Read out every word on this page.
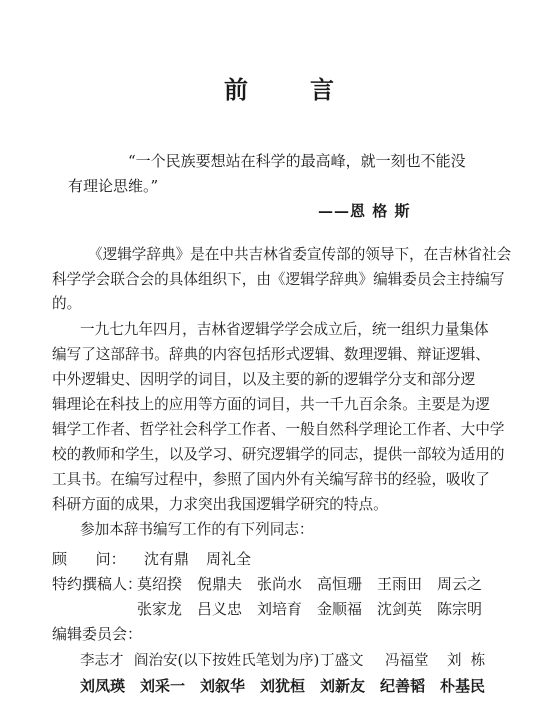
前	言
“一个民族要想站在科学的最高峰，就一刻也不能没
有理论思维。”
——恩 格 斯
《逻辑学辞典》是在中共吉林省委宣传部的领导下，在吉林省社会
科学学会联合会的具体组织下，由《逻辑学辞典》编辑委员会主持编写
的。
一九七九年四月，吉林省逻辑学学会成立后，统一组织力量集体
编写了这部辞书。辞典的内容包括形式逻辑、数理逻辑、辩证逻辑、
中外逻辑史、因明学的词目，以及主要的新的逻辑学分支和部分逻
辑理论在科技上的应用等方面的词目，共一千九百余条。主要是为逻
辑学工作者、哲学社会科学工作者、一般自然科学理论工作者、大中学
校的教师和学生，以及学习、研究逻辑学的同志，提供一部较为适用的
工具书。在编写过程中，参照了国内外有关编写辞书的经验，吸收了
科研方面的成果，力求突出我国逻辑学研究的特点。
参加本辞书编写工作的有下列同志：
顾      问： 沈有鼎 周礼全
特约撰稿人：莫绍揆 倪鼎夫 张尚水 高恒珊 王雨田 周云之
张家龙 吕义忠 刘培育 金顺福 沈剑英 陈宗明
编辑委员会：
李志才 阎治安(以下按姓氏笔划为序)丁盛文 冯福堂 刘  栋
刘凤瑛 刘采一 刘叙华 刘犹桓 刘新友 纪善韬 朴基民
